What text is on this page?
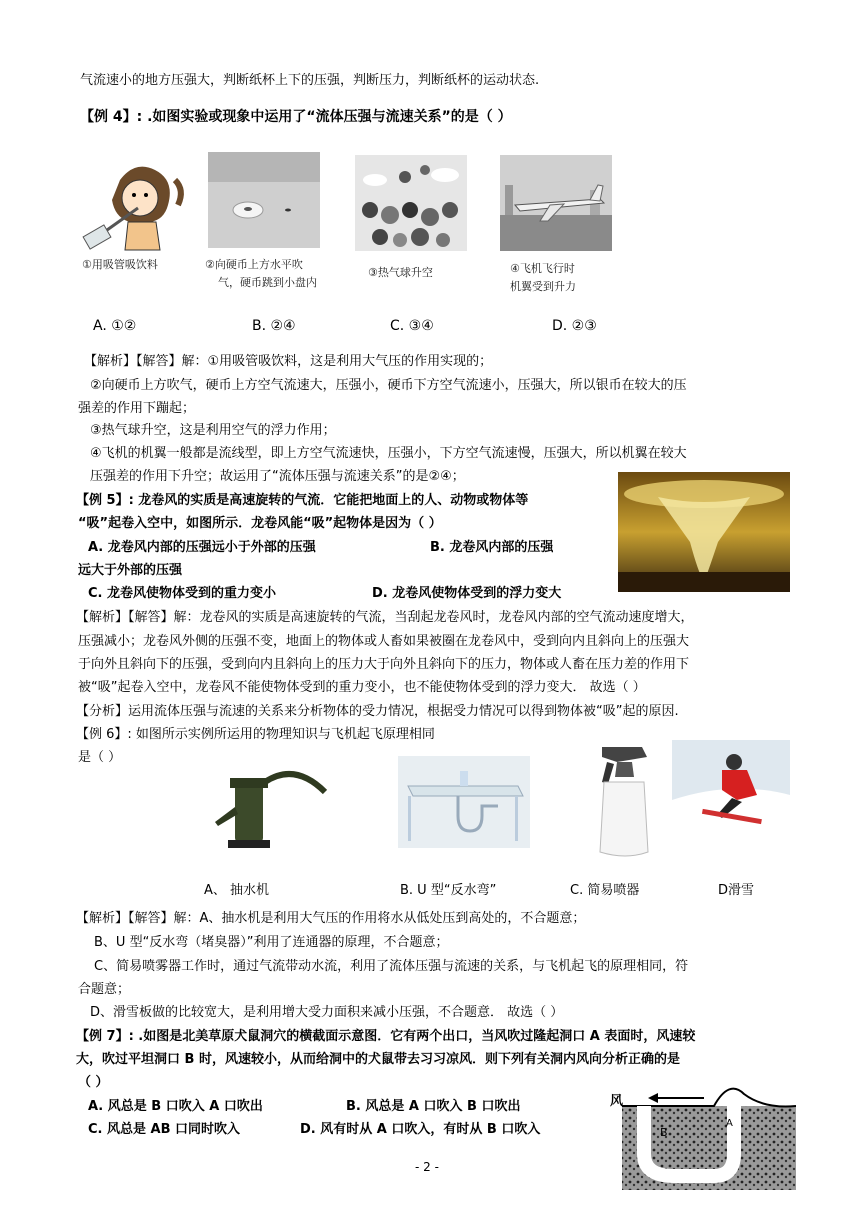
气流速小的地方压强大，判断纸杯上下的压强，判断压力，判断纸杯的运动状态.
【例 4】: .如图实验或现象中运用了“流体压强与流速关系”的是（ ）
①用吸管吸饮料	②向硬币上方水平吹
气，硬币跳到小盘内
③热气球升空	④飞机飞行时
机翼受到升力
A. ①②	B. ②④	C. ③④	D. ②③
【解析】【解答】解：①用吸管吸饮料，这是利用大气压的作用实现的；
②向硬币上方吹气，硬币上方空气流速大，压强小，硬币下方空气流速小，压强大，所以银币在较大的压
强差的作用下蹦起；
③热气球升空，这是利用空气的浮力作用；
④飞机的机翼一般都是流线型，即上方空气流速快，压强小，下方空气流速慢，压强大，所以机翼在较大
压强差的作用下升空；故运用了“流体压强与流速关系”的是②④；
【例 5】: 龙卷风的实质是高速旋转的气流．它能把地面上的人、动物或物体等
“吸”起卷入空中，如图所示．龙卷风能“吸”起物体是因为（ ）
A. 龙卷风内部的压强远小于外部的压强	B. 龙卷风内部的压强
远大于外部的压强
C. 龙卷风使物体受到的重力变小	D. 龙卷风使物体受到的浮力变大
【解析】【解答】解：龙卷风的实质是高速旋转的气流，当刮起龙卷风时，龙卷风内部的空气流动速度增大，
压强减小；龙卷风外侧的压强不变，地面上的物体或人畜如果被圈在龙卷风中，受到向内且斜向上的压强大
于向外且斜向下的压强，受到向内且斜向上的压力大于向外且斜向下的压力，物体或人畜在压力差的作用下
被“吸”起卷入空中，龙卷风不能使物体受到的重力变小，也不能使物体受到的浮力变大． 故选（ ）
【分析】运用流体压强与流速的关系来分析物体的受力情况，根据受力情况可以得到物体被“吸”起的原因.
【例 6】: 如图所示实例所运用的物理知识与飞机起飞原理相同
是（ ）
A、 抽水机	B. U 型“反水弯”	C. 简易喷器	D滑雪
【解析】【解答】解：A、抽水机是利用大气压的作用将水从低处压到高处的，不合题意；
B、U 型“反水弯（堵臭器）”利用了连通器的原理，不合题意；
C、简易喷雾器工作时，通过气流带动水流，利用了流体压强与流速的关系，与飞机起飞的原理相同，符
合题意；
D、滑雪板做的比较宽大，是利用增大受力面积来减小压强，不合题意． 故选（ ）
【例 7】: .如图是北美草原犬鼠洞穴的横截面示意图．它有两个出口，当风吹过隆起洞口 A 表面时，风速较
大，吹过平坦洞口 B 时，风速较小，从而给洞中的犬鼠带去习习凉风．则下列有关洞内风向分析正确的是
（ ）
A. 风总是 B 口吹入 A 口吹出	B. 风总是 A 口吹入 B 口吹出
C. 风总是 AB 口同时吹入	D. 风有时从 A 口吹入，有时从 B 口吹入
风
A
B
- 2 -
